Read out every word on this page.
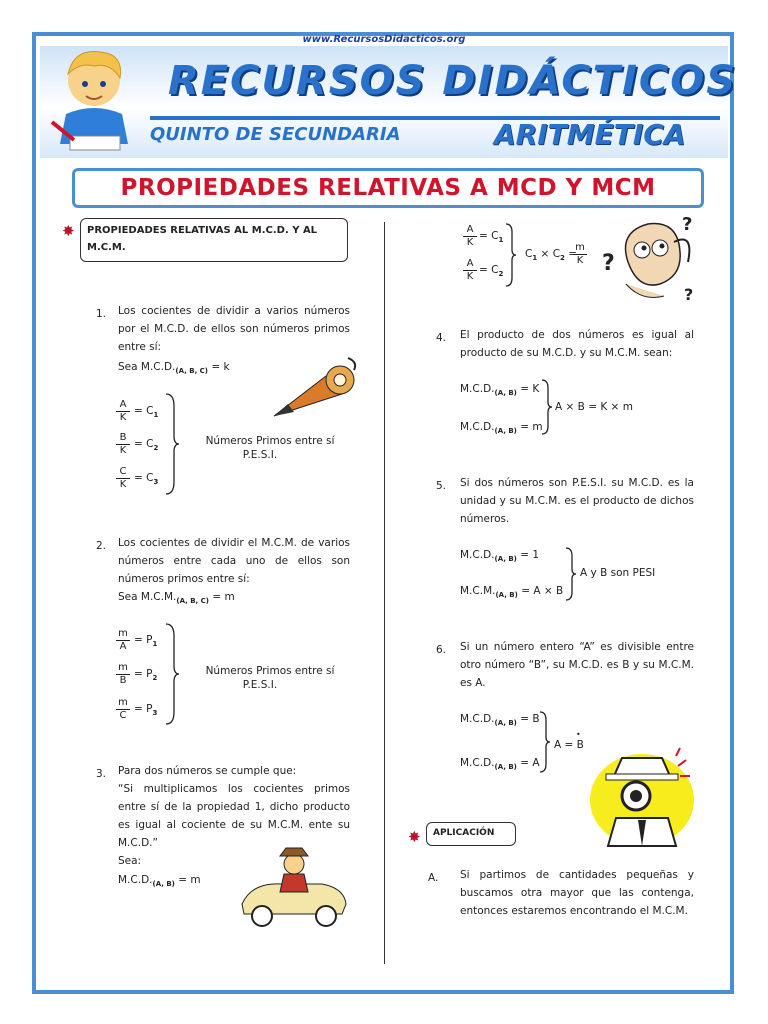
www.RecursosDidacticos.org
RECURSOS DIDÁCTICOS
QUINTO DE SECUNDARIA	ARITMÉTICA
PROPIEDADES RELATIVAS A MCD Y MCM
✸	PROPIEDADES RELATIVAS AL M.C.D. Y AL M.C.M.
1. Los cocientes de dividir a varios números por el M.C.D. de ellos son números primos entre sí:
Sea $M.C.D._{(A, B, C)} = k$
$\frac{A}{K} = C_1$
$\frac{B}{K} = C_2$
$\frac{C}{K} = C_3$
Números Primos entre sí
P.E.S.I.
2. Los cocientes de dividir el M.C.M. de varios números entre cada uno de ellos son números primos entre sí:
Sea $M.C.M._{(A, B, C)} = m$
$\frac{m}{A} = P_1$
$\frac{m}{B} = P_2$
$\frac{m}{C} = P_3$
Números Primos entre sí
P.E.S.I.
3. Para dos números se cumple que:
“Si multiplicamos los cocientes primos entre sí de la propiedad 1, dicho producto es igual al cociente de su M.C.M. ente su M.C.D.”
Sea:
$M.C.D._{(A, B)} = m$
$\frac{A}{K} = C_1$
$\frac{A}{K} = C_2$
$C_1 \times C_2$ =
$\frac{m}{K}$ ?
?
?
4. El producto de dos números es igual al producto de su M.C.D. y su M.C.M. sean:
$M.C.D._{(A, B)} = K$
$M.C.D._{(A, B)} = m$
A × B = K × m
5. Si dos números son P.E.S.I. su M.C.D. es la unidad y su M.C.M. es el producto de dichos números.
$M.C.D._{(A, B)} = 1$
$M.C.M._{(A, B)} = A \times B$
A y B son PESI
6. Si un número entero “A” es divisible entre otro número “B”, su M.C.D. es B y su M.C.M. es A.
$M.C.D._{(A, B)} = B$
$M.C.D._{(A, B)} = A$
A = B
•
✸	APLICACIÓN
A. Si partimos de cantidades pequeñas y buscamos otra mayor que las contenga, entonces estaremos encontrando el M.C.M.
